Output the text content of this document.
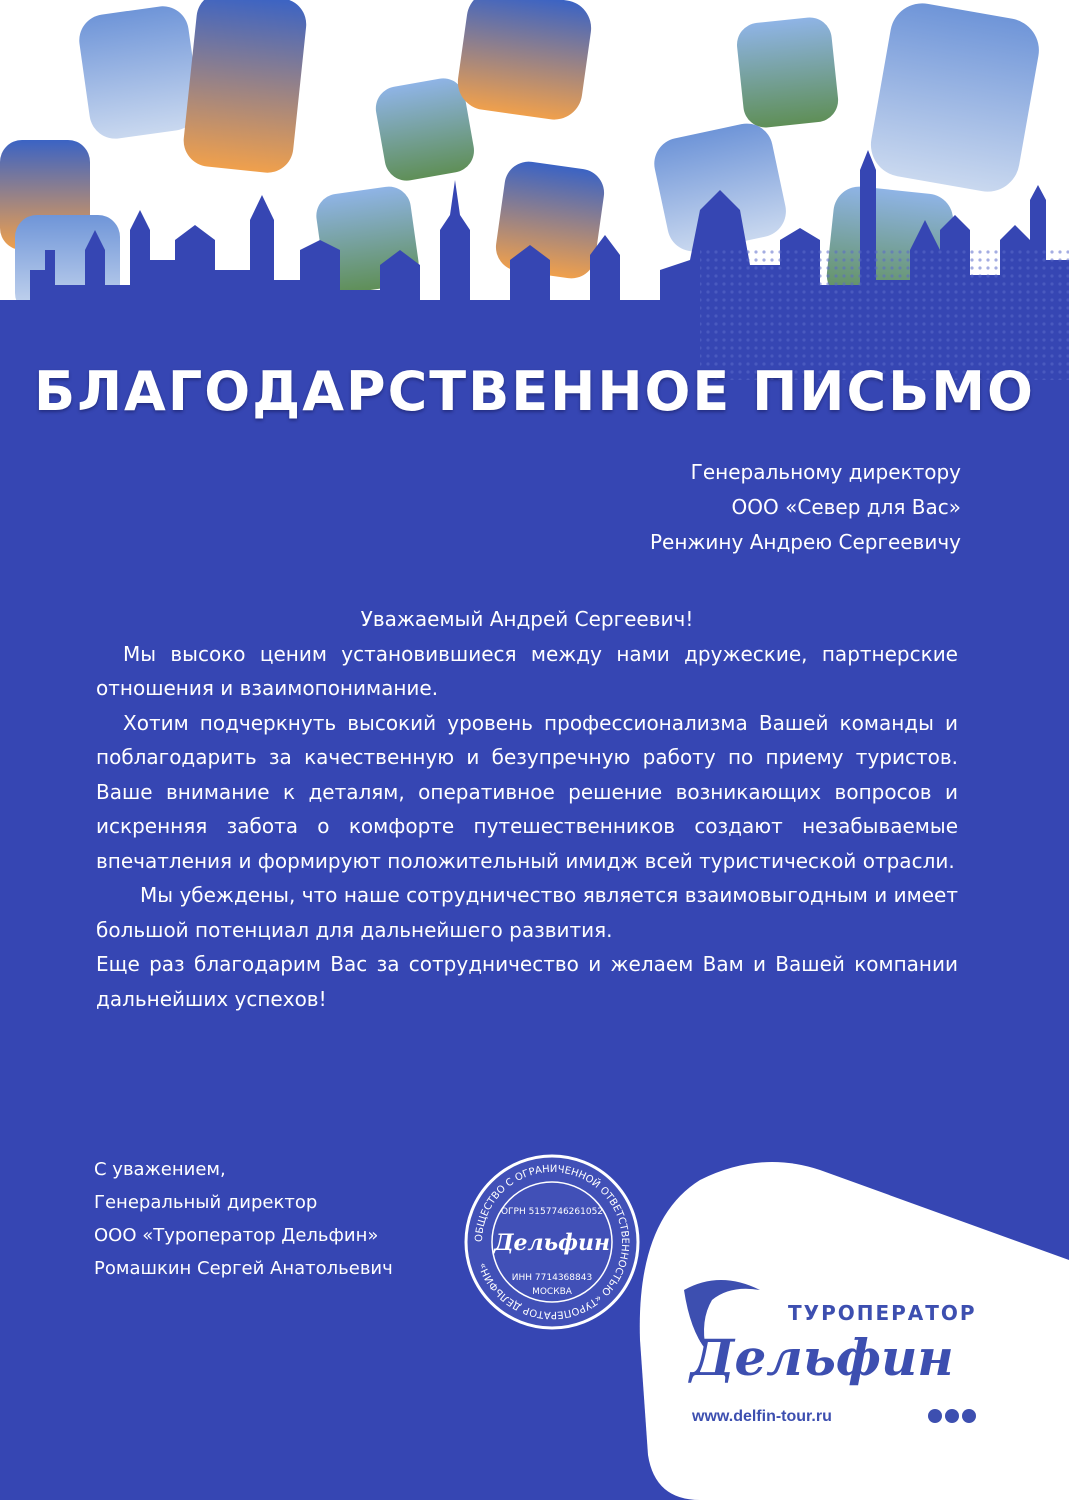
БЛАГОДАРСТВЕННОЕ ПИСЬМО
Генеральному директору
ООО «Север для Вас»
Ренжину Андрею Сергеевичу
Уважаемый Андрей Сергеевич!

Мы высоко ценим установившиеся между нами дружеские, партнерские отношения и взаимопонимание.

Хотим подчеркнуть высокий уровень профессионализма Вашей команды и поблагодарить за качественную и безупречную работу по приему туристов. Ваше внимание к деталям, оперативное решение возникающих вопросов и искренняя забота о комфорте путешественников создают незабываемые впечатления и формируют положительный имидж всей туристической отрасли.

Мы убеждены, что наше сотрудничество является взаимовыгодным и имеет большой потенциал для дальнейшего развития.

Еще раз благодарим Вас за сотрудничество и желаем Вам и Вашей компании дальнейших успехов!

С уважением,
Генеральный директор
ООО «Туроператор Дельфин»
Ромашкин Сергей Анатольевич
ОБЩЕСТВО С ОГРАНИЧЕННОЙ ОТВЕТСТВЕННОСТЬЮ «ТУРОПЕРАТОР ДЕЛЬФИН»
ОГРН 5157746261052
Дельфин
ИНН 7714368843
МОСКВА
ТУРОПЕРАТОР
Дельфин
www.delfin-tour.ru
